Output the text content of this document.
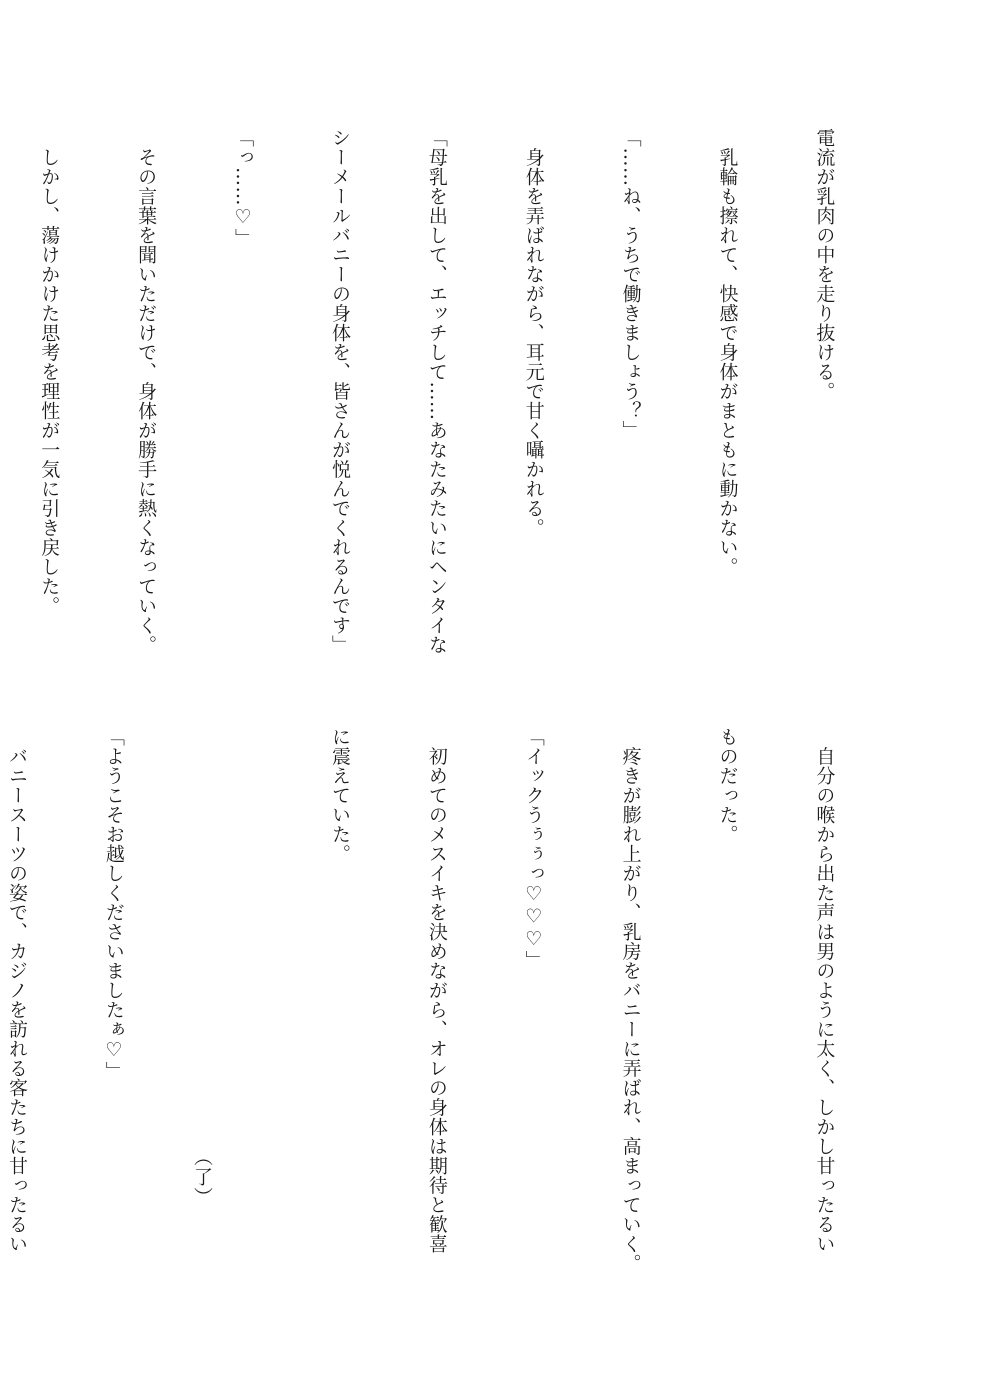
電流が乳肉の中を走り抜ける。

　乳輪も擦れて、快感で身体がまともに動かない。

「……ね、うちで働きましょう？」

　身体を弄ばれながら、耳元で甘く囁かれる。

「母乳を出して、エッチして……あなたみたいにヘンタイな

シーメールバニーの身体を、皆さんが悦んでくれるんです」

「っ……♡」

　その言葉を聞いただけで、身体が勝手に熱くなっていく。

　しかし、蕩けかけた思考を理性が一気に引き戻した。

　自分の喉から出た声は男のように太く、しかし甘ったるい

ものだった。

　疼きが膨れ上がり、乳房をバニーに弄ばれ、高まっていく。

「イックうぅぅっ♡♡♡」

　初めてのメスイキを決めながら、オレの身体は期待と歓喜

に震えていた。

「ようこそお越しくださいましたぁ♡」

　バニースーツの姿で、カジノを訪れる客たちに甘ったるい

	（了）
